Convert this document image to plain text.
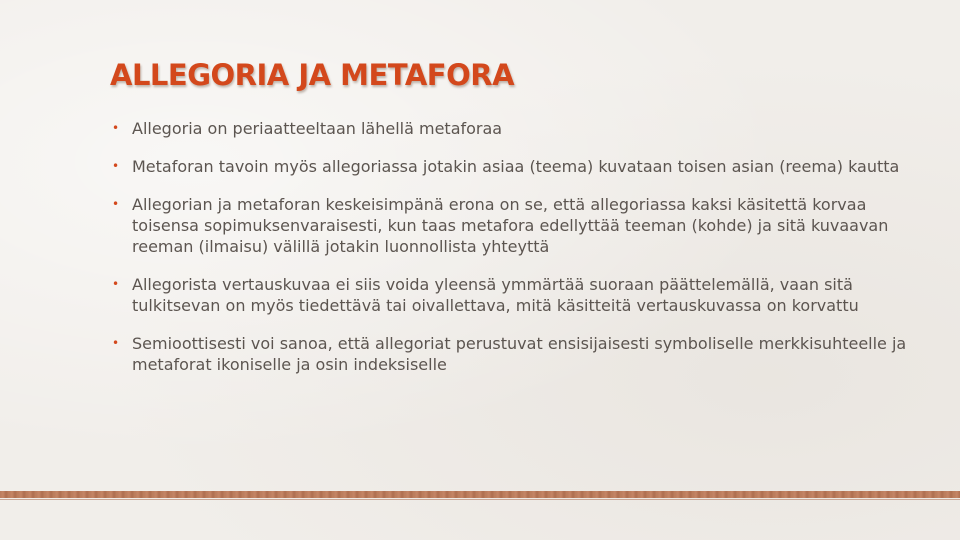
ALLEGORIA JA METAFORA
• Allegoria on periaatteeltaan lähellä metaforaa
• Metaforan tavoin myös allegoriassa jotakin asiaa (teema) kuvataan toisen asian (reema) kautta
• Allegorian ja metaforan keskeisimpänä erona on se, että allegoriassa kaksi käsitettä korvaa toisensa sopimuksenvaraisesti, kun taas metafora edellyttää teeman (kohde) ja sitä kuvaavan reeman (ilmaisu) välillä jotakin luonnollista yhteyttä
• Allegorista vertauskuvaa ei siis voida yleensä ymmärtää suoraan päättelemällä, vaan sitä tulkitsevan on myös tiedettävä tai oivallettava, mitä käsitteitä vertauskuvassa on korvattu
• Semioottisesti voi sanoa, että allegoriat perustuvat ensisijaisesti symboliselle merkkisuhteelle ja metaforat ikoniselle ja osin indeksiselle
